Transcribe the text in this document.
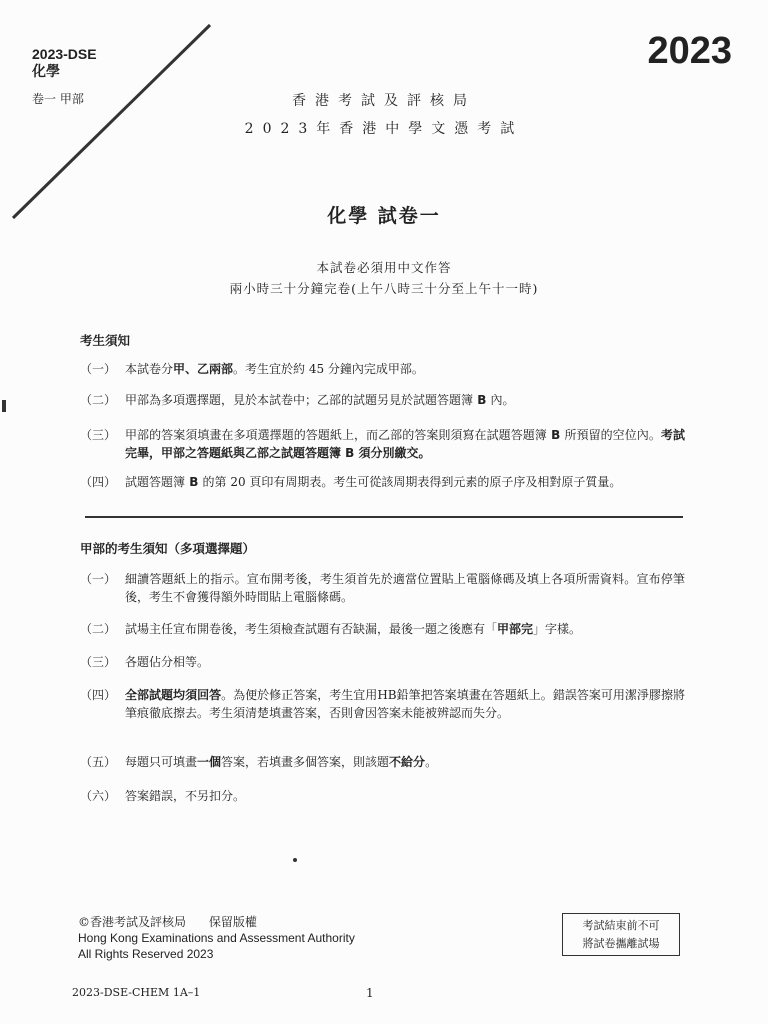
2023-DSE
化學
卷一 甲部
2023
香港考試及評核局
2023年香港中學文憑考試
化學 試卷一
本試卷必須用中文作答
兩小時三十分鐘完卷(上午八時三十分至上午十一時)
考生須知
（一） 本試卷分甲、乙兩部。考生宜於約 45 分鐘內完成甲部。
（二） 甲部為多項選擇題，見於本試卷中；乙部的試題另見於試題答題簿 B 內。
（三） 甲部的答案須填畫在多項選擇題的答題紙上，而乙部的答案則須寫在試題答題簿 B 所預留的空位內。考試完畢，甲部之答題紙與乙部之試題答題簿 B 須分別繳交。
（四） 試題答題簿 B 的第 20 頁印有周期表。考生可從該周期表得到元素的原子序及相對原子質量。
甲部的考生須知（多項選擇題）
（一） 細讀答題紙上的指示。宣布開考後，考生須首先於適當位置貼上電腦條碼及填上各項所需資料。宣布停筆後，考生不會獲得額外時間貼上電腦條碼。
（二） 試場主任宣布開卷後，考生須檢查試題有否缺漏，最後一題之後應有「甲部完」字樣。
（三） 各題佔分相等。
（四） 全部試題均須回答。為便於修正答案，考生宜用HB鉛筆把答案填畫在答題紙上。錯誤答案可用潔淨膠擦將筆痕徹底擦去。考生須清楚填畫答案，否則會因答案未能被辨認而失分。
（五） 每題只可填畫一個答案，若填畫多個答案，則該題不給分。
（六） 答案錯誤，不另扣分。
©香港考試及評核局 保留版權
Hong Kong Examinations and Assessment Authority
All Rights Reserved 2023
考試結束前不可
將試卷攜離試場
2023-DSE-CHEM 1A–1	1
